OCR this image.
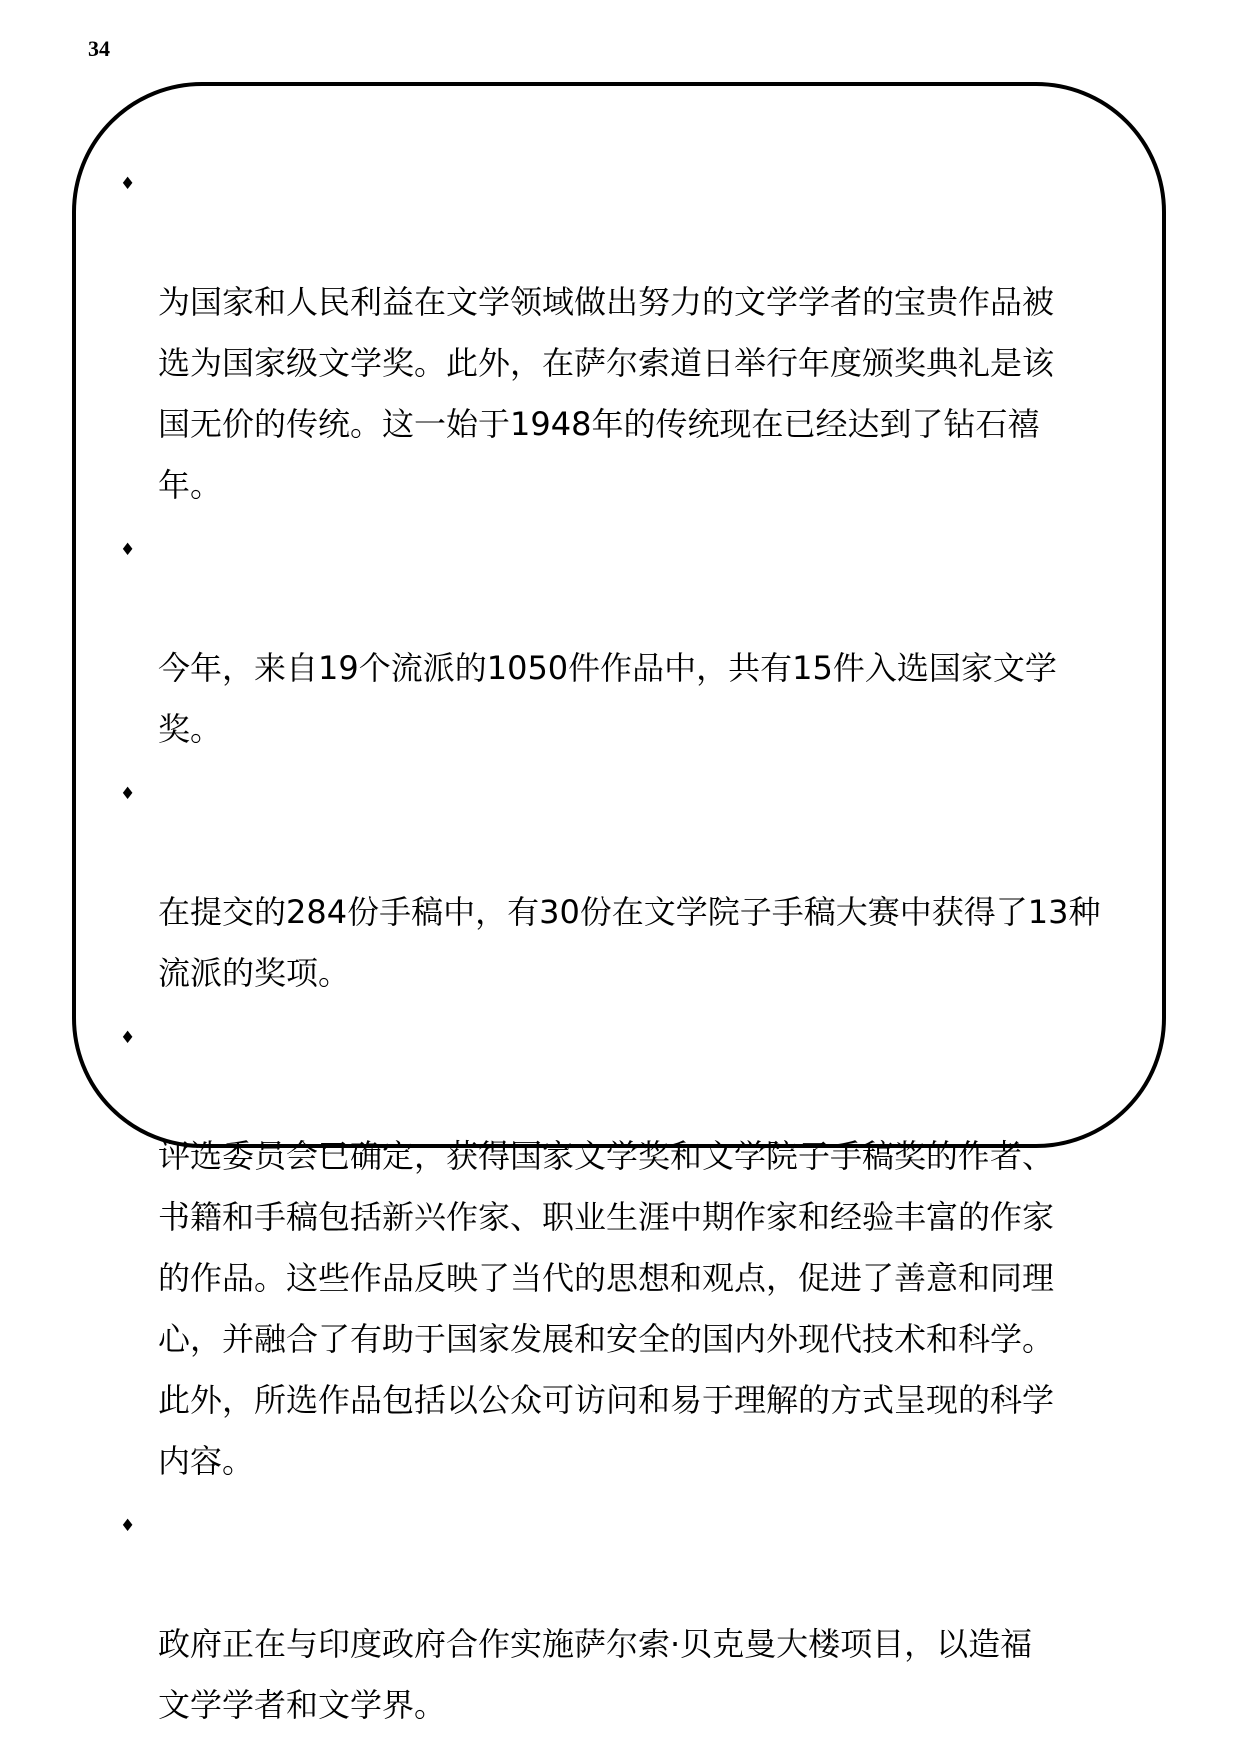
34

♦

为国家和人民利益在文学领域做出努力的文学学者的宝贵作品被
选为国家级文学奖。此外，在萨尔索道日举行年度颁奖典礼是该
国无价的传统。这一始于1948年的传统现在已经达到了钻石禧
年。

♦

今年，来自19个流派的1050件作品中，共有15件入选国家文学
奖。

♦

在提交的284份手稿中，有30份在文学院子手稿大赛中获得了13种
流派的奖项。

♦

评选委员会已确定，获得国家文学奖和文学院子手稿奖的作者、
书籍和手稿包括新兴作家、职业生涯中期作家和经验丰富的作家
的作品。这些作品反映了当代的思想和观点，促进了善意和同理
心，并融合了有助于国家发展和安全的国内外现代技术和科学。
此外，所选作品包括以公众可访问和易于理解的方式呈现的科学
内容。

♦

政府正在与印度政府合作实施萨尔索·贝克曼大楼项目，以造福
文学学者和文学界。
